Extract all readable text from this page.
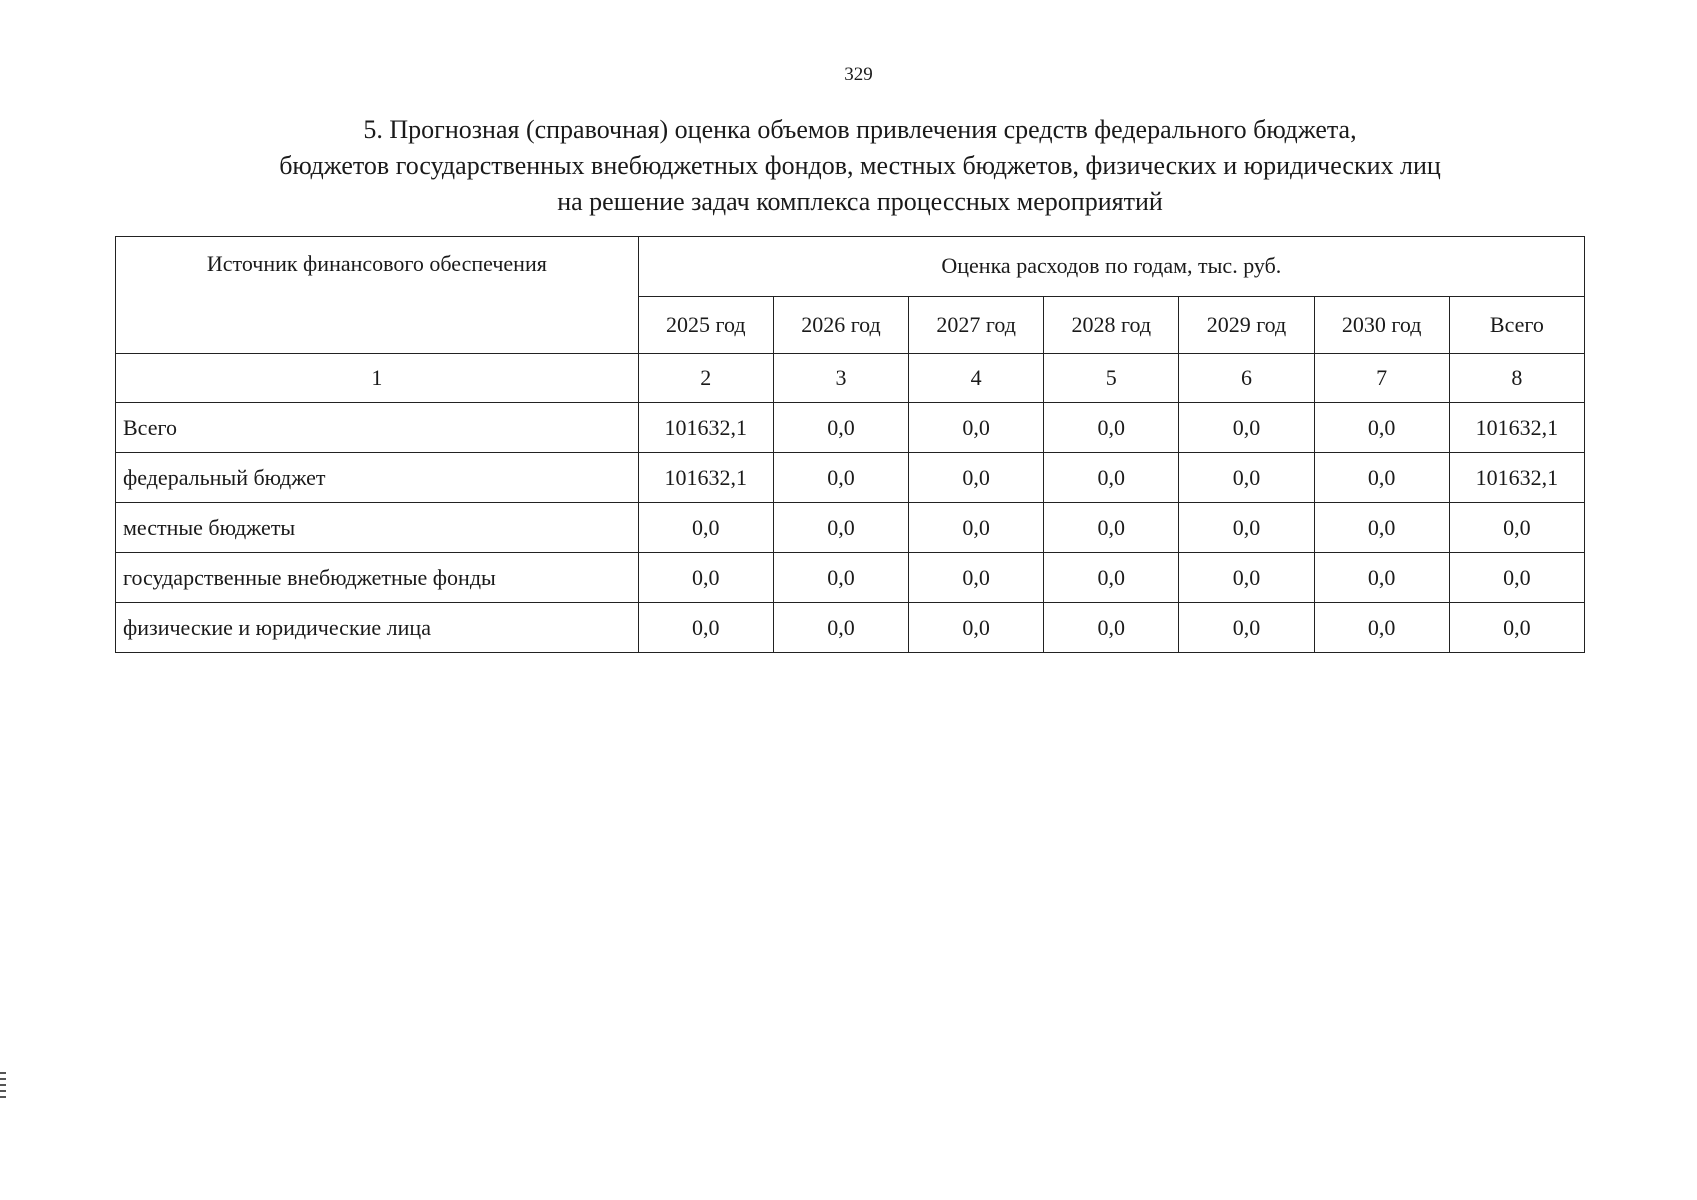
329
5. Прогнозная (справочная) оценка объемов привлечения средств федерального бюджета,
бюджетов государственных внебюджетных фондов, местных бюджетов, физических и юридических лиц
на решение задач комплекса процессных мероприятий
Источник финансового обеспечения	Оценка расходов по годам, тыс. руб.						
	2025 год	2026 год	2027 год	2028 год	2029 год	2030 год	Всего
1	2	3	4	5	6	7	8
Всего	101632,1	0,0	0,0	0,0	0,0	0,0	101632,1
федеральный бюджет	101632,1	0,0	0,0	0,0	0,0	0,0	101632,1
местные бюджеты	0,0	0,0	0,0	0,0	0,0	0,0	0,0
государственные внебюджетные фонды	0,0	0,0	0,0	0,0	0,0	0,0	0,0
физические и юридические лица	0,0	0,0	0,0	0,0	0,0	0,0	0,0
